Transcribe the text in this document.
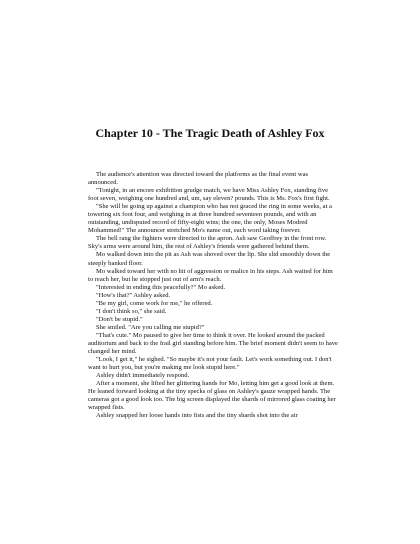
Chapter 10 - The Tragic Death of Ashley Fox

The audience's attention was directed toward the platforms as the final event was announced.

"Tonight, in an encore exhibition grudge match, we have Miss Ashley Fox, standing five foot seven, weighing one hundred and, um, say eleven? pounds. This is Ms. Fox's first fight.

"She will be going up against a champion who has not graced the ring in some weeks, at a towering six foot four, and weighing in at three hundred seventeen pounds, and with an outstanding, undisputed record of fifty-eight wins; the one, the only, Moses Modred Mohammed!" The announcer stretched Mo's name out, each word taking forever.

The bell rang the fighters were directed to the apron. Ash saw Geoffrey in the front row. Sky's arms were around him, the rest of Ashley's friends were gathered behind them.

Mo walked down into the pit as Ash was shoved over the lip. She slid smoothly down the steeply banked floor.

Mo walked toward her with no hit of aggression or malice in his steps. Ash waited for him to reach her, but he stopped just out of arm's reach.

"Interested in ending this peacefully?" Mo asked.

"How's that?" Ashley asked.

"Be my girl, come work for me," he offered.

"I don't think so," she said.

"Don't be stupid."

She smiled. "Are you calling me stupid?"

"That's cute." Mo paused to give her time to think it over. He looked around the packed auditorium and back to the frail girl standing before him. The brief moment didn't seem to have changed her mind.

"Look, I get it," he sighed. "So maybe it's not your fault. Let's work something out. I don't want to hurt you, but you're making me look stupid here."

Ashley didn't immediately respond.

After a moment, she lifted her glittering hands for Mo, letting him get a good look at them. He leaned forward looking at the tiny specks of glass on Ashley's gauze wrapped hands. The cameras got a good look too. The big screen displayed the shards of mirrored glass coating her wrapped fists.

Ashley snapped her loose hands into fists and the tiny shards shot into the air
